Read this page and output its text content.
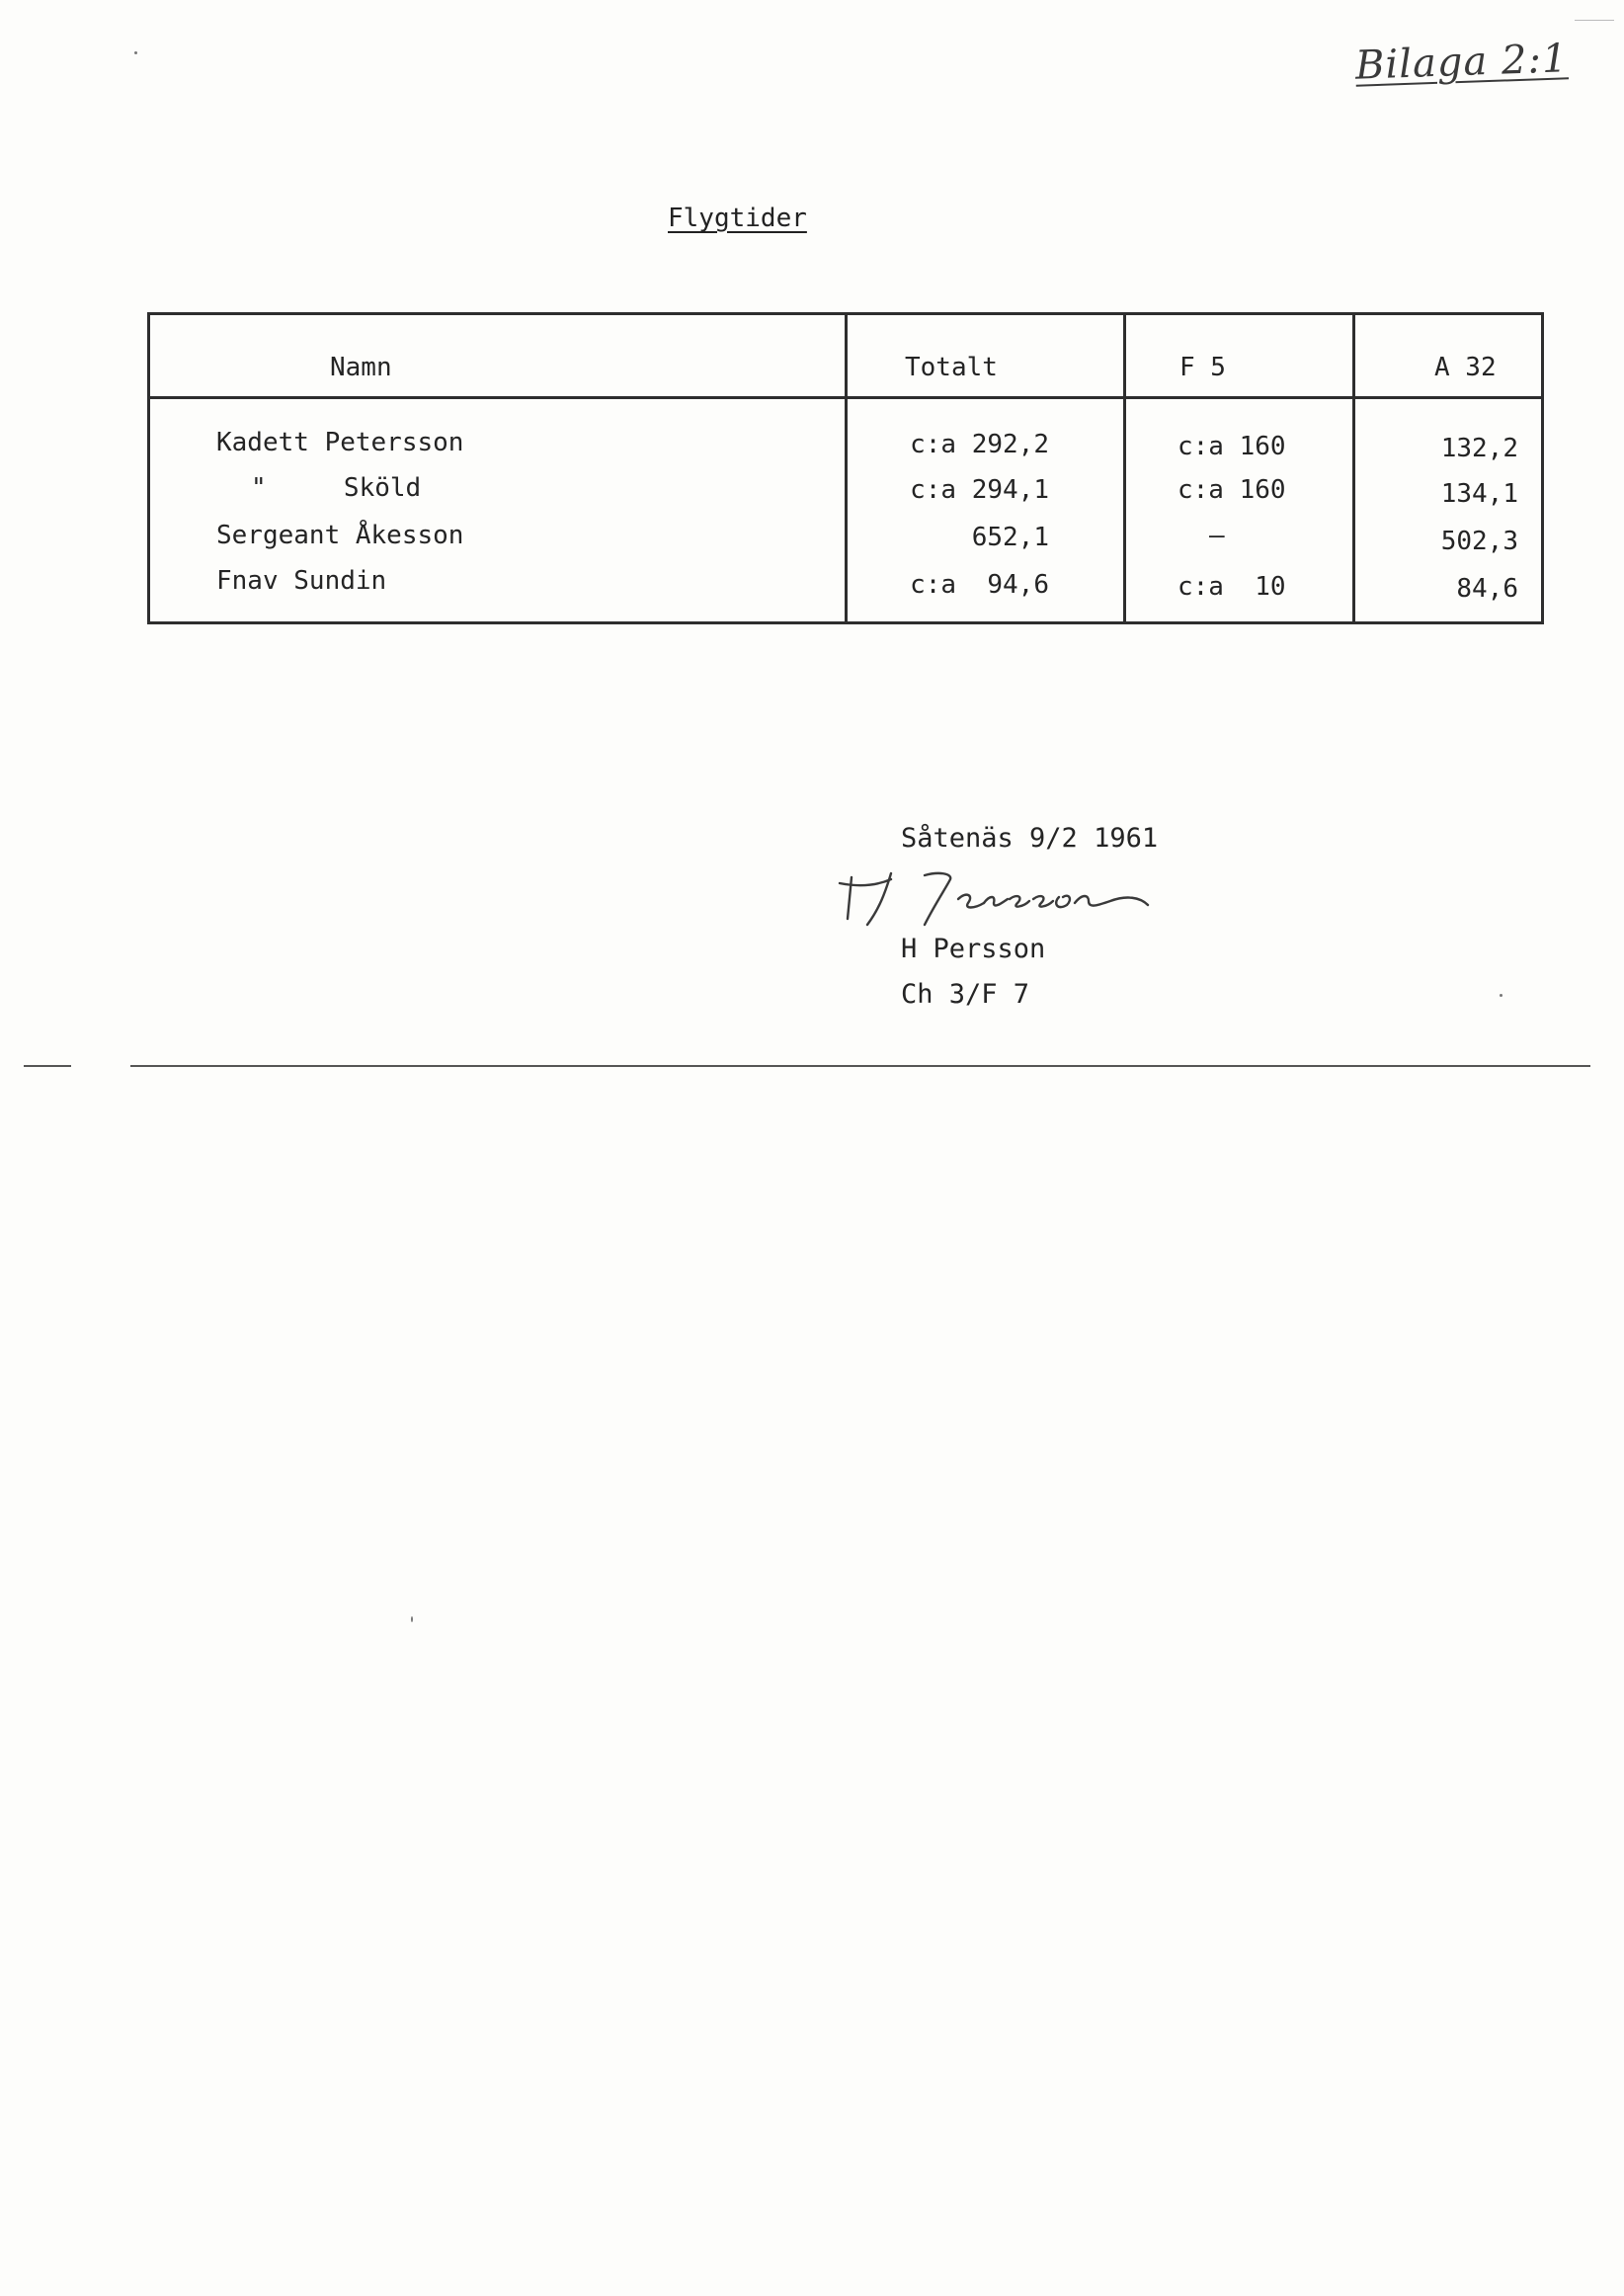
Bilaga 2:1
Flygtider
Namn	Totalt	F 5	A 32
Kadett Petersson	c:a 292,2	c:a 160	132,2
"     Sköld	c:a 294,1	c:a 160	134,1
Sergeant Åkesson	652,1	—	502,3
Fnav Sundin	c:a  94,6	c:a  10	84,6
Såtenäs 9/2 1961
H Persson
Ch 3/F 7
